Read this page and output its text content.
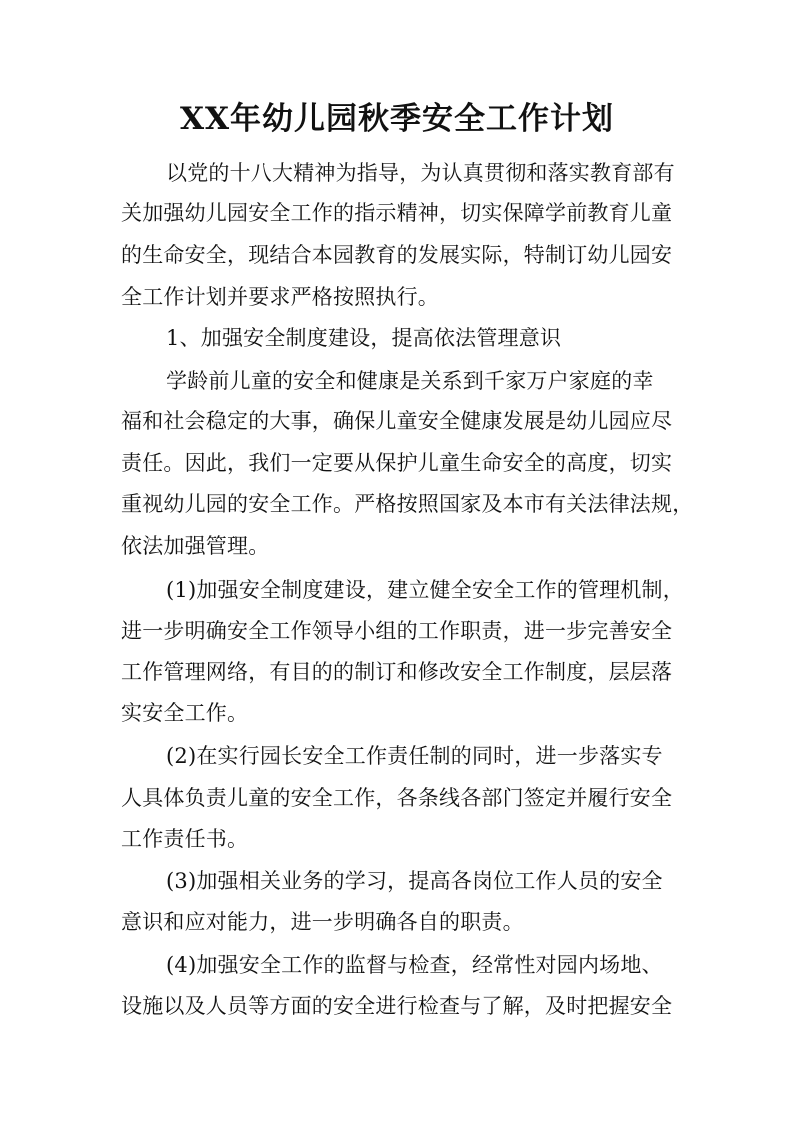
XX年幼儿园秋季安全工作计划
以党的十八大精神为指导，为认真贯彻和落实教育部有
关加强幼儿园安全工作的指示精神，切实保障学前教育儿童
的生命安全，现结合本园教育的发展实际，特制订幼儿园安
全工作计划并要求严格按照执行。
1、加强安全制度建设，提高依法管理意识
学龄前儿童的安全和健康是关系到千家万户家庭的幸
福和社会稳定的大事，确保儿童安全健康发展是幼儿园应尽
责任。因此，我们一定要从保护儿童生命安全的高度，切实
重视幼儿园的安全工作。严格按照国家及本市有关法律法规，
依法加强管理。
(1)加强安全制度建设，建立健全安全工作的管理机制，
进一步明确安全工作领导小组的工作职责，进一步完善安全
工作管理网络，有目的的制订和修改安全工作制度，层层落
实安全工作。
(2)在实行园长安全工作责任制的同时，进一步落实专
人具体负责儿童的安全工作，各条线各部门签定并履行安全
工作责任书。
(3)加强相关业务的学习，提高各岗位工作人员的安全
意识和应对能力，进一步明确各自的职责。
(4)加强安全工作的监督与检查，经常性对园内场地、
设施以及人员等方面的安全进行检查与了解，及时把握安全
